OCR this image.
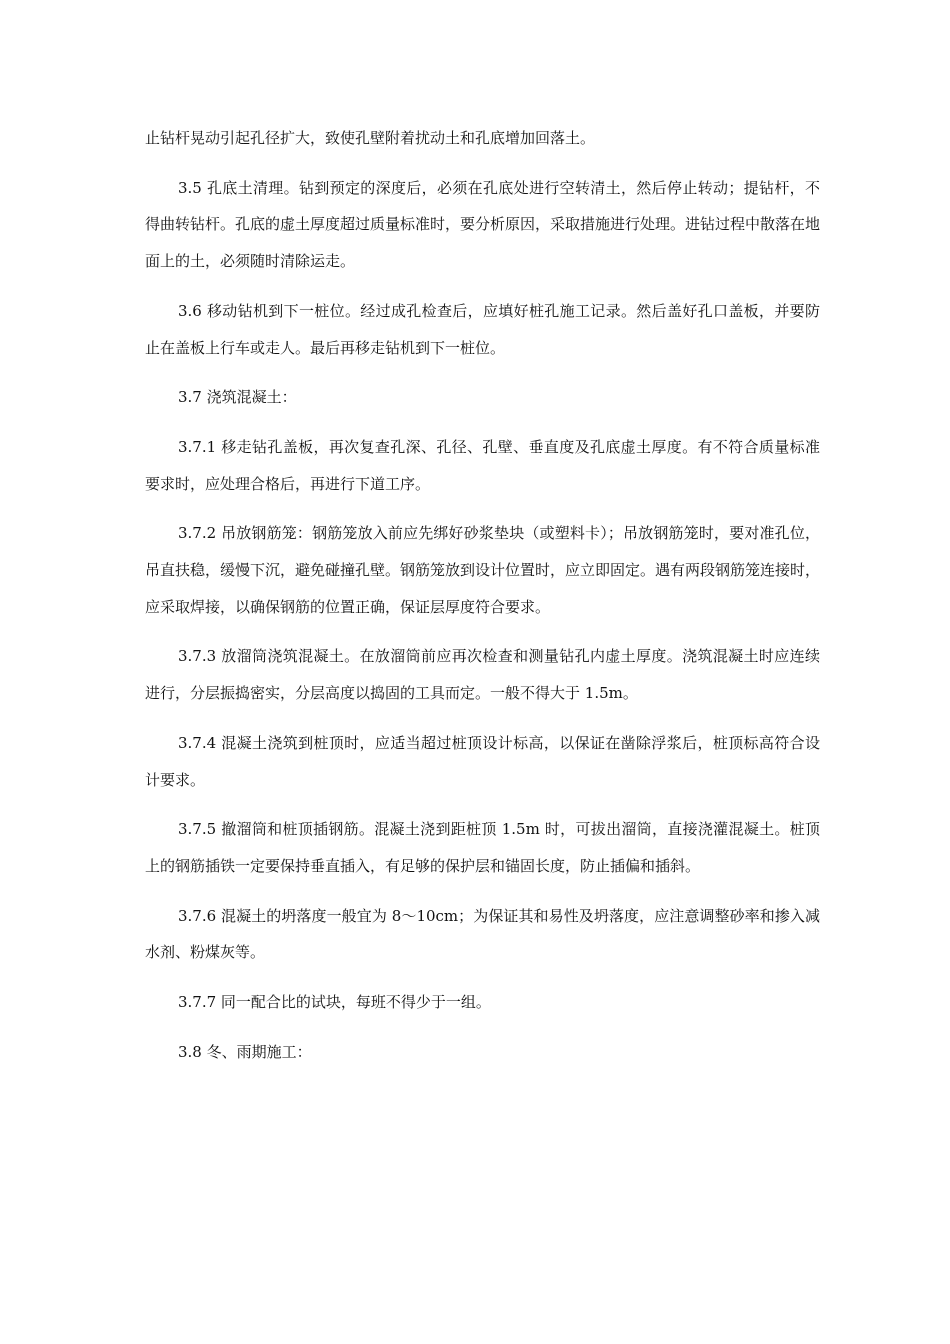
止钻杆晃动引起孔径扩大，致使孔壁附着扰动土和孔底增加回落土。

3.5 孔底土清理。钻到预定的深度后，必须在孔底处进行空转清土，然后停止转动；提钻杆，不得曲转钻杆。孔底的虚土厚度超过质量标准时，要分析原因，采取措施进行处理。进钻过程中散落在地面上的土，必须随时清除运走。

3.6 移动钻机到下一桩位。经过成孔检查后，应填好桩孔施工记录。然后盖好孔口盖板，并要防止在盖板上行车或走人。最后再移走钻机到下一桩位。

3.7 浇筑混凝土：

3.7.1 移走钻孔盖板，再次复查孔深、孔径、孔壁、垂直度及孔底虚土厚度。有不符合质量标准要求时，应处理合格后，再进行下道工序。

3.7.2 吊放钢筋笼：钢筋笼放入前应先绑好砂浆垫块（或塑料卡）；吊放钢筋笼时，要对准孔位，吊直扶稳，缓慢下沉，避免碰撞孔壁。钢筋笼放到设计位置时，应立即固定。遇有两段钢筋笼连接时，应采取焊接，以确保钢筋的位置正确，保证层厚度符合要求。

3.7.3 放溜筒浇筑混凝土。在放溜筒前应再次检查和测量钻孔内虚土厚度。浇筑混凝土时应连续进行，分层振捣密实，分层高度以捣固的工具而定。一般不得大于 1.5m。

3.7.4 混凝土浇筑到桩顶时，应适当超过桩顶设计标高，以保证在凿除浮浆后，桩顶标高符合设计要求。

3.7.5 撤溜筒和桩顶插钢筋。混凝土浇到距桩顶 1.5m 时，可拔出溜筒，直接浇灌混凝土。桩顶上的钢筋插铁一定要保持垂直插入，有足够的保护层和锚固长度，防止插偏和插斜。

3.7.6 混凝土的坍落度一般宜为 8～10cm；为保证其和易性及坍落度，应注意调整砂率和掺入减水剂、粉煤灰等。

3.7.7 同一配合比的试块，每班不得少于一组。

3.8 冬、雨期施工：
